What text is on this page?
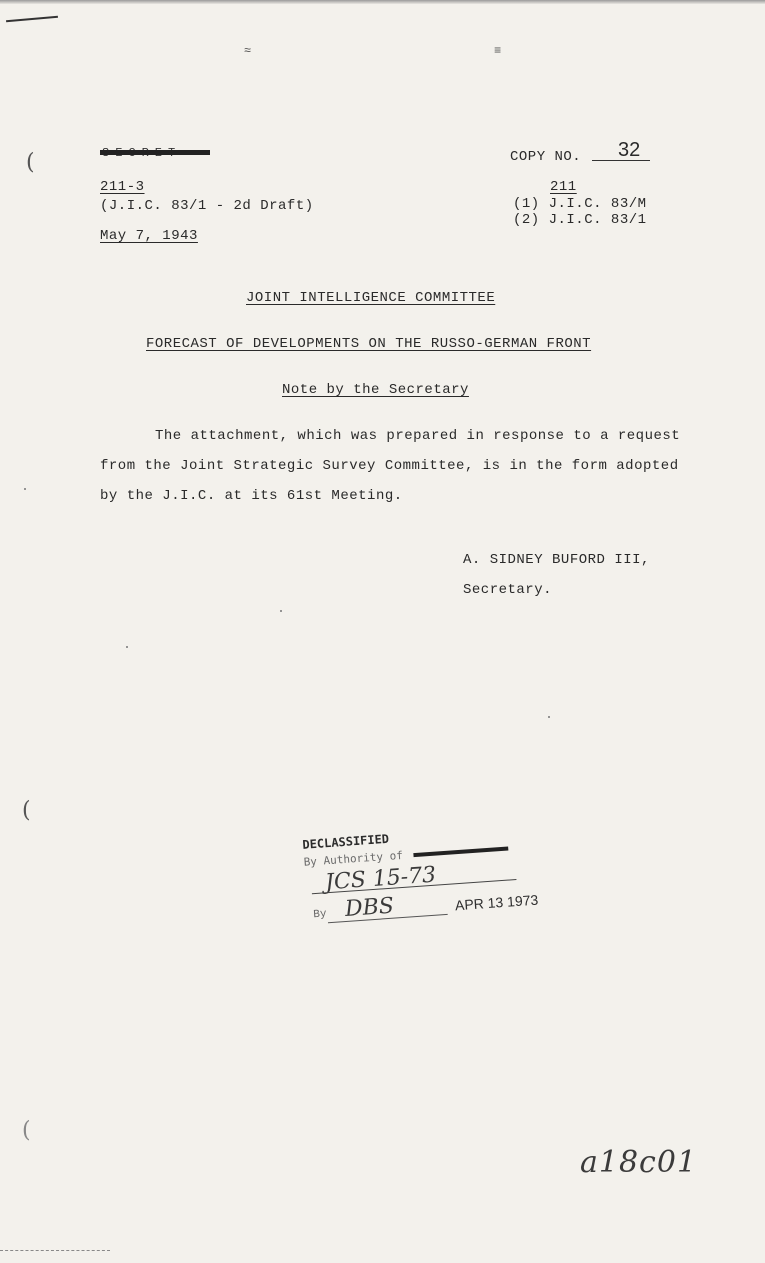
≈	≡
211-3
(J.I.C. 83/1 - 2d Draft)
May 7, 1943
COPY NO. 32
211
(1) J.I.C. 83/M
(2) J.I.C. 83/1
JOINT INTELLIGENCE COMMITTEE
FORECAST OF DEVELOPMENTS ON THE RUSSO-GERMAN FRONT
Note by the Secretary
The attachment, which was prepared in response to a request
from the Joint Strategic Survey Committee, is in the form adopted
by the J.I.C. at its 61st Meeting.
A. SIDNEY BUFORD III,
Secretary.
DECLASSIFIED
By Authority of
JCS 15-73
By DBS	APR 13 1973
a18c01
(
(
(
